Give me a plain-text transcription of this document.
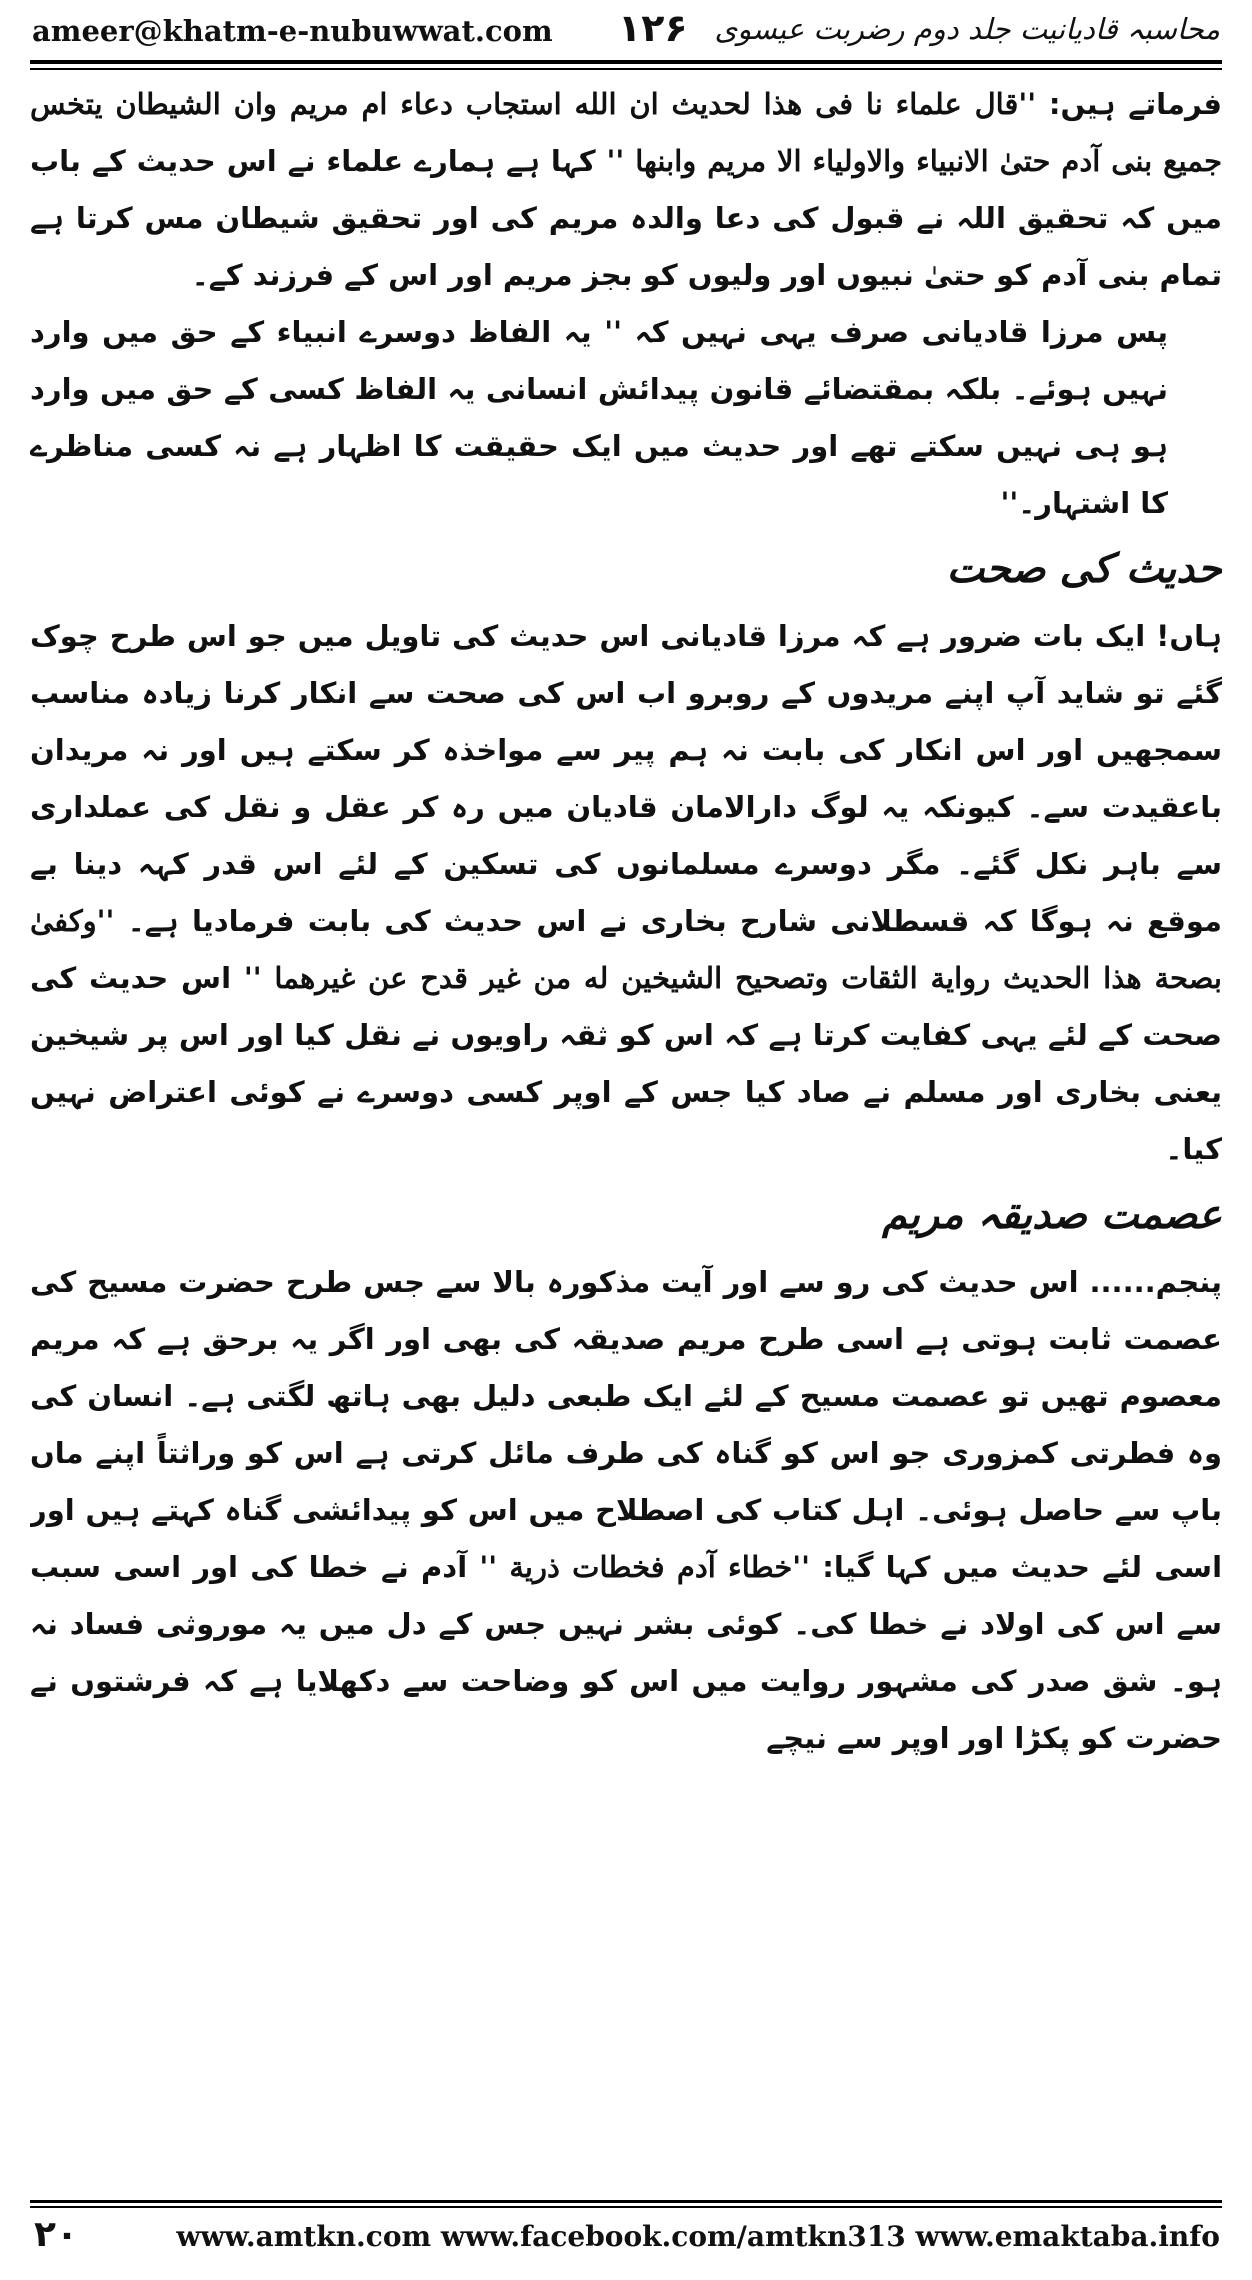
ameer@khatm-e-nubuwwat.com ۱۲۶ محاسبہ قادیانیت جلد دوم رضربت عیسوی

فرماتے ہیں: ''قال علماء نا فی هذا لحدیث ان الله استجاب دعاء ام مریم وان الشیطان یتخس جمیع بنی آدم حتیٰ الانبیاء والاولیاء الا مریم وابنها '' کہا ہے ہمارے علماء نے اس حدیث کے باب میں کہ تحقیق اللہ نے قبول کی دعا والدہ مریم کی اور تحقیق شیطان مس کرتا ہے تمام بنی آدم کو حتیٰ نبیوں اور ولیوں کو بجز مریم اور اس کے فرزند کے۔

پس مرزا قادیانی صرف یہی نہیں کہ '' یہ الفاظ دوسرے انبیاء کے حق میں وارد نہیں ہوئے۔ بلکہ بمقتضائے قانون پیدائش انسانی یہ الفاظ کسی کے حق میں وارد ہو ہی نہیں سکتے تھے اور حدیث میں ایک حقیقت کا اظہار ہے نہ کسی مناظرے کا اشتہار۔''

حدیث کی صحت

ہاں! ایک بات ضرور ہے کہ مرزا قادیانی اس حدیث کی تاویل میں جو اس طرح چوک گئے تو شاید آپ اپنے مریدوں کے روبرو اب اس کی صحت سے انکار کرنا زیادہ مناسب سمجھیں اور اس انکار کی بابت نہ ہم پیر سے مواخذہ کر سکتے ہیں اور نہ مریدان باعقیدت سے۔ کیونکہ یہ لوگ دارالامان قادیان میں رہ کر عقل و نقل کی عملداری سے باہر نکل گئے۔ مگر دوسرے مسلمانوں کی تسکین کے لئے اس قدر کہہ دینا بے موقع نہ ہوگا کہ قسطلانی شارح بخاری نے اس حدیث کی بابت فرمادیا ہے۔ ''وکفیٰ بصحة هذا الحدیث روایة الثقات وتصحیح الشیخین له من غیر قدح عن غیرهما '' اس حدیث کی صحت کے لئے یہی کفایت کرتا ہے کہ اس کو ثقہ راویوں نے نقل کیا اور اس پر شیخین یعنی بخاری اور مسلم نے صاد کیا جس کے اوپر کسی دوسرے نے کوئی اعتراض نہیں کیا۔

عصمت صدیقہ مریم

پنجم...... اس حدیث کی رو سے اور آیت مذکورہ بالا سے جس طرح حضرت مسیح کی عصمت ثابت ہوتی ہے اسی طرح مریم صدیقہ کی بھی اور اگر یہ برحق ہے کہ مریم معصوم تھیں تو عصمت مسیح کے لئے ایک طبعی دلیل بھی ہاتھ لگتی ہے۔ انسان کی وہ فطرتی کمزوری جو اس کو گناہ کی طرف مائل کرتی ہے اس کو وراثتاً اپنے ماں باپ سے حاصل ہوئی۔ اہل کتاب کی اصطلاح میں اس کو پیدائشی گناہ کہتے ہیں اور اسی لئے حدیث میں کہا گیا: ''خطاء آدم فخطات ذریة '' آدم نے خطا کی اور اسی سبب سے اس کی اولاد نے خطا کی۔ کوئی بشر نہیں جس کے دل میں یہ موروثی فساد نہ ہو۔ شق صدر کی مشہور روایت میں اس کو وضاحت سے دکھلایا ہے کہ فرشتوں نے حضرت کو پکڑا اور اوپر سے نیچے

۲۰	www.amtkn.com www.facebook.com/amtkn313 www.emaktaba.info
